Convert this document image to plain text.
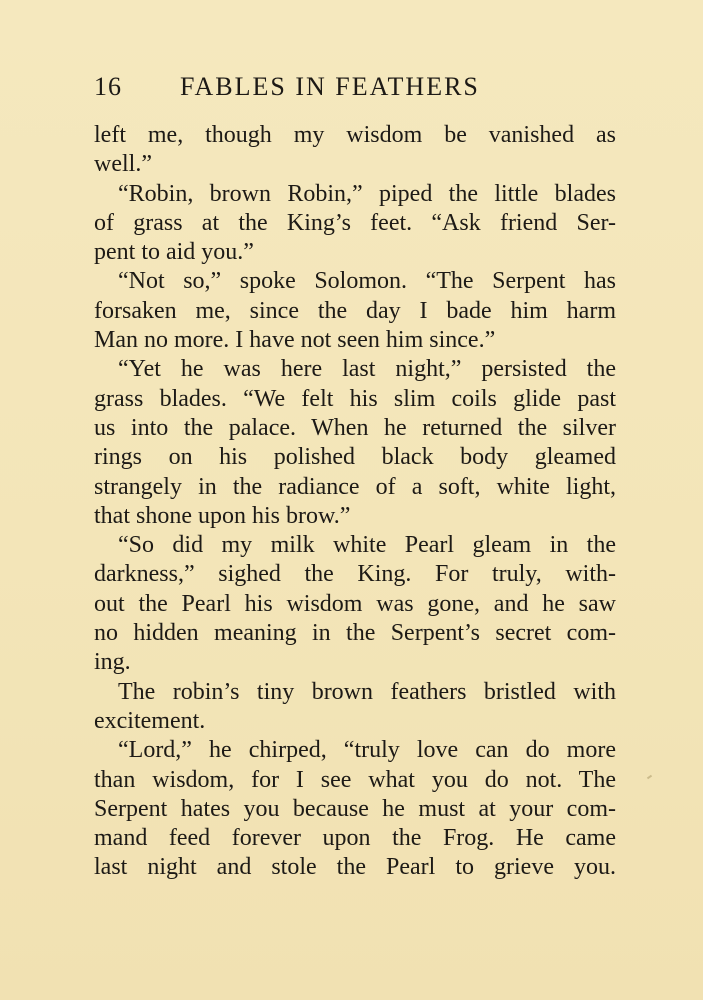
16 FABLES IN FEATHERS
left me, though my wisdom be vanished as
well.”
“Robin, brown Robin,” piped the little blades
of grass at the King’s feet. “Ask friend Ser-
pent to aid you.”
“Not so,” spoke Solomon. “The Serpent has
forsaken me, since the day I bade him harm
Man no more. I have not seen him since.”
“Yet he was here last night,” persisted the
grass blades. “We felt his slim coils glide past
us into the palace. When he returned the silver
rings on his polished black body gleamed
strangely in the radiance of a soft, white light,
that shone upon his brow.”
“So did my milk white Pearl gleam in the
darkness,” sighed the King. For truly, with-
out the Pearl his wisdom was gone, and he saw
no hidden meaning in the Serpent’s secret com-
ing.
The robin’s tiny brown feathers bristled with
excitement.
“Lord,” he chirped, “truly love can do more
than wisdom, for I see what you do not. The
Serpent hates you because he must at your com-
mand feed forever upon the Frog. He came
last night and stole the Pearl to grieve you.
